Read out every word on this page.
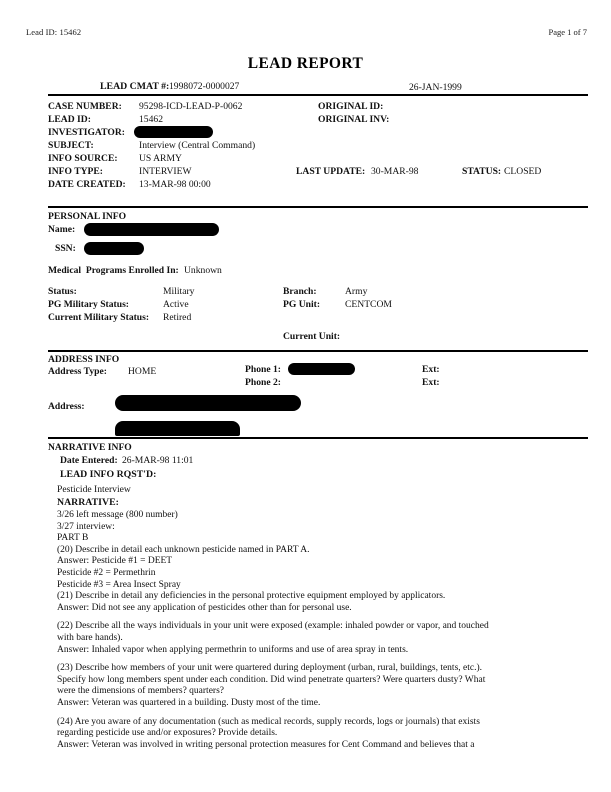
Lead ID: 15462	Page 1 of 7
LEAD REPORT
LEAD CMAT #: 1998072-0000027	26-JAN-1999
CASE NUMBER: 95298-ICD-LEAD-P-0062	ORIGINAL ID:
LEAD ID:	15462	ORIGINAL INV:
INVESTIGATOR:
SUBJECT:	Interview (Central Command)
INFO SOURCE: US ARMY
INFO TYPE:	INTERVIEW	LAST UPDATE: 30-MAR-98	STATUS: CLOSED
DATE CREATED: 13-MAR-98 00:00
PERSONAL INFO
Name:
SSN:
Medical  Programs Enrolled In: Unknown
Status:	Military	Branch:	Army
PG Military Status:	Active	PG Unit:	CENTCOM
Current Military Status: Retired
Current Unit:
ADDRESS INFO
Address Type: HOME	Phone 1:	Ext:
Phone 2:	Ext:
Address:
NARRATIVE INFO
Date Entered: 26-MAR-98 11:01
LEAD INFO RQST'D:
Pesticide Interview
NARRATIVE:

3/26 left message (800 number)

3/27 interview:

PART B

(20) Describe in detail each unknown pesticide named in PART A.

Answer: Pesticide #1 = DEET

Pesticide #2 = Permethrin

Pesticide #3 = Area Insect Spray

(21) Describe in detail any deficiencies in the personal protective equipment employed by applicators.

Answer: Did not see any application of pesticides other than for personal use.

(22) Describe all the ways individuals in your unit were exposed (example: inhaled powder or vapor, and touched

with bare hands).

Answer: Inhaled vapor when applying permethrin to uniforms and use of area spray in tents.

(23) Describe how members of your unit were quartered during deployment (urban, rural, buildings, tents, etc.).

Specify how long members spent under each condition. Did wind penetrate quarters? Were quarters dusty? What

were the dimensions of members? quarters?

Answer: Veteran was quartered in a building. Dusty most of the time.

(24) Are you aware of any documentation (such as medical records, supply records, logs or journals) that exists

regarding pesticide use and/or exposures? Provide details.

Answer: Veteran was involved in writing personal protection measures for Cent Command and believes that a
